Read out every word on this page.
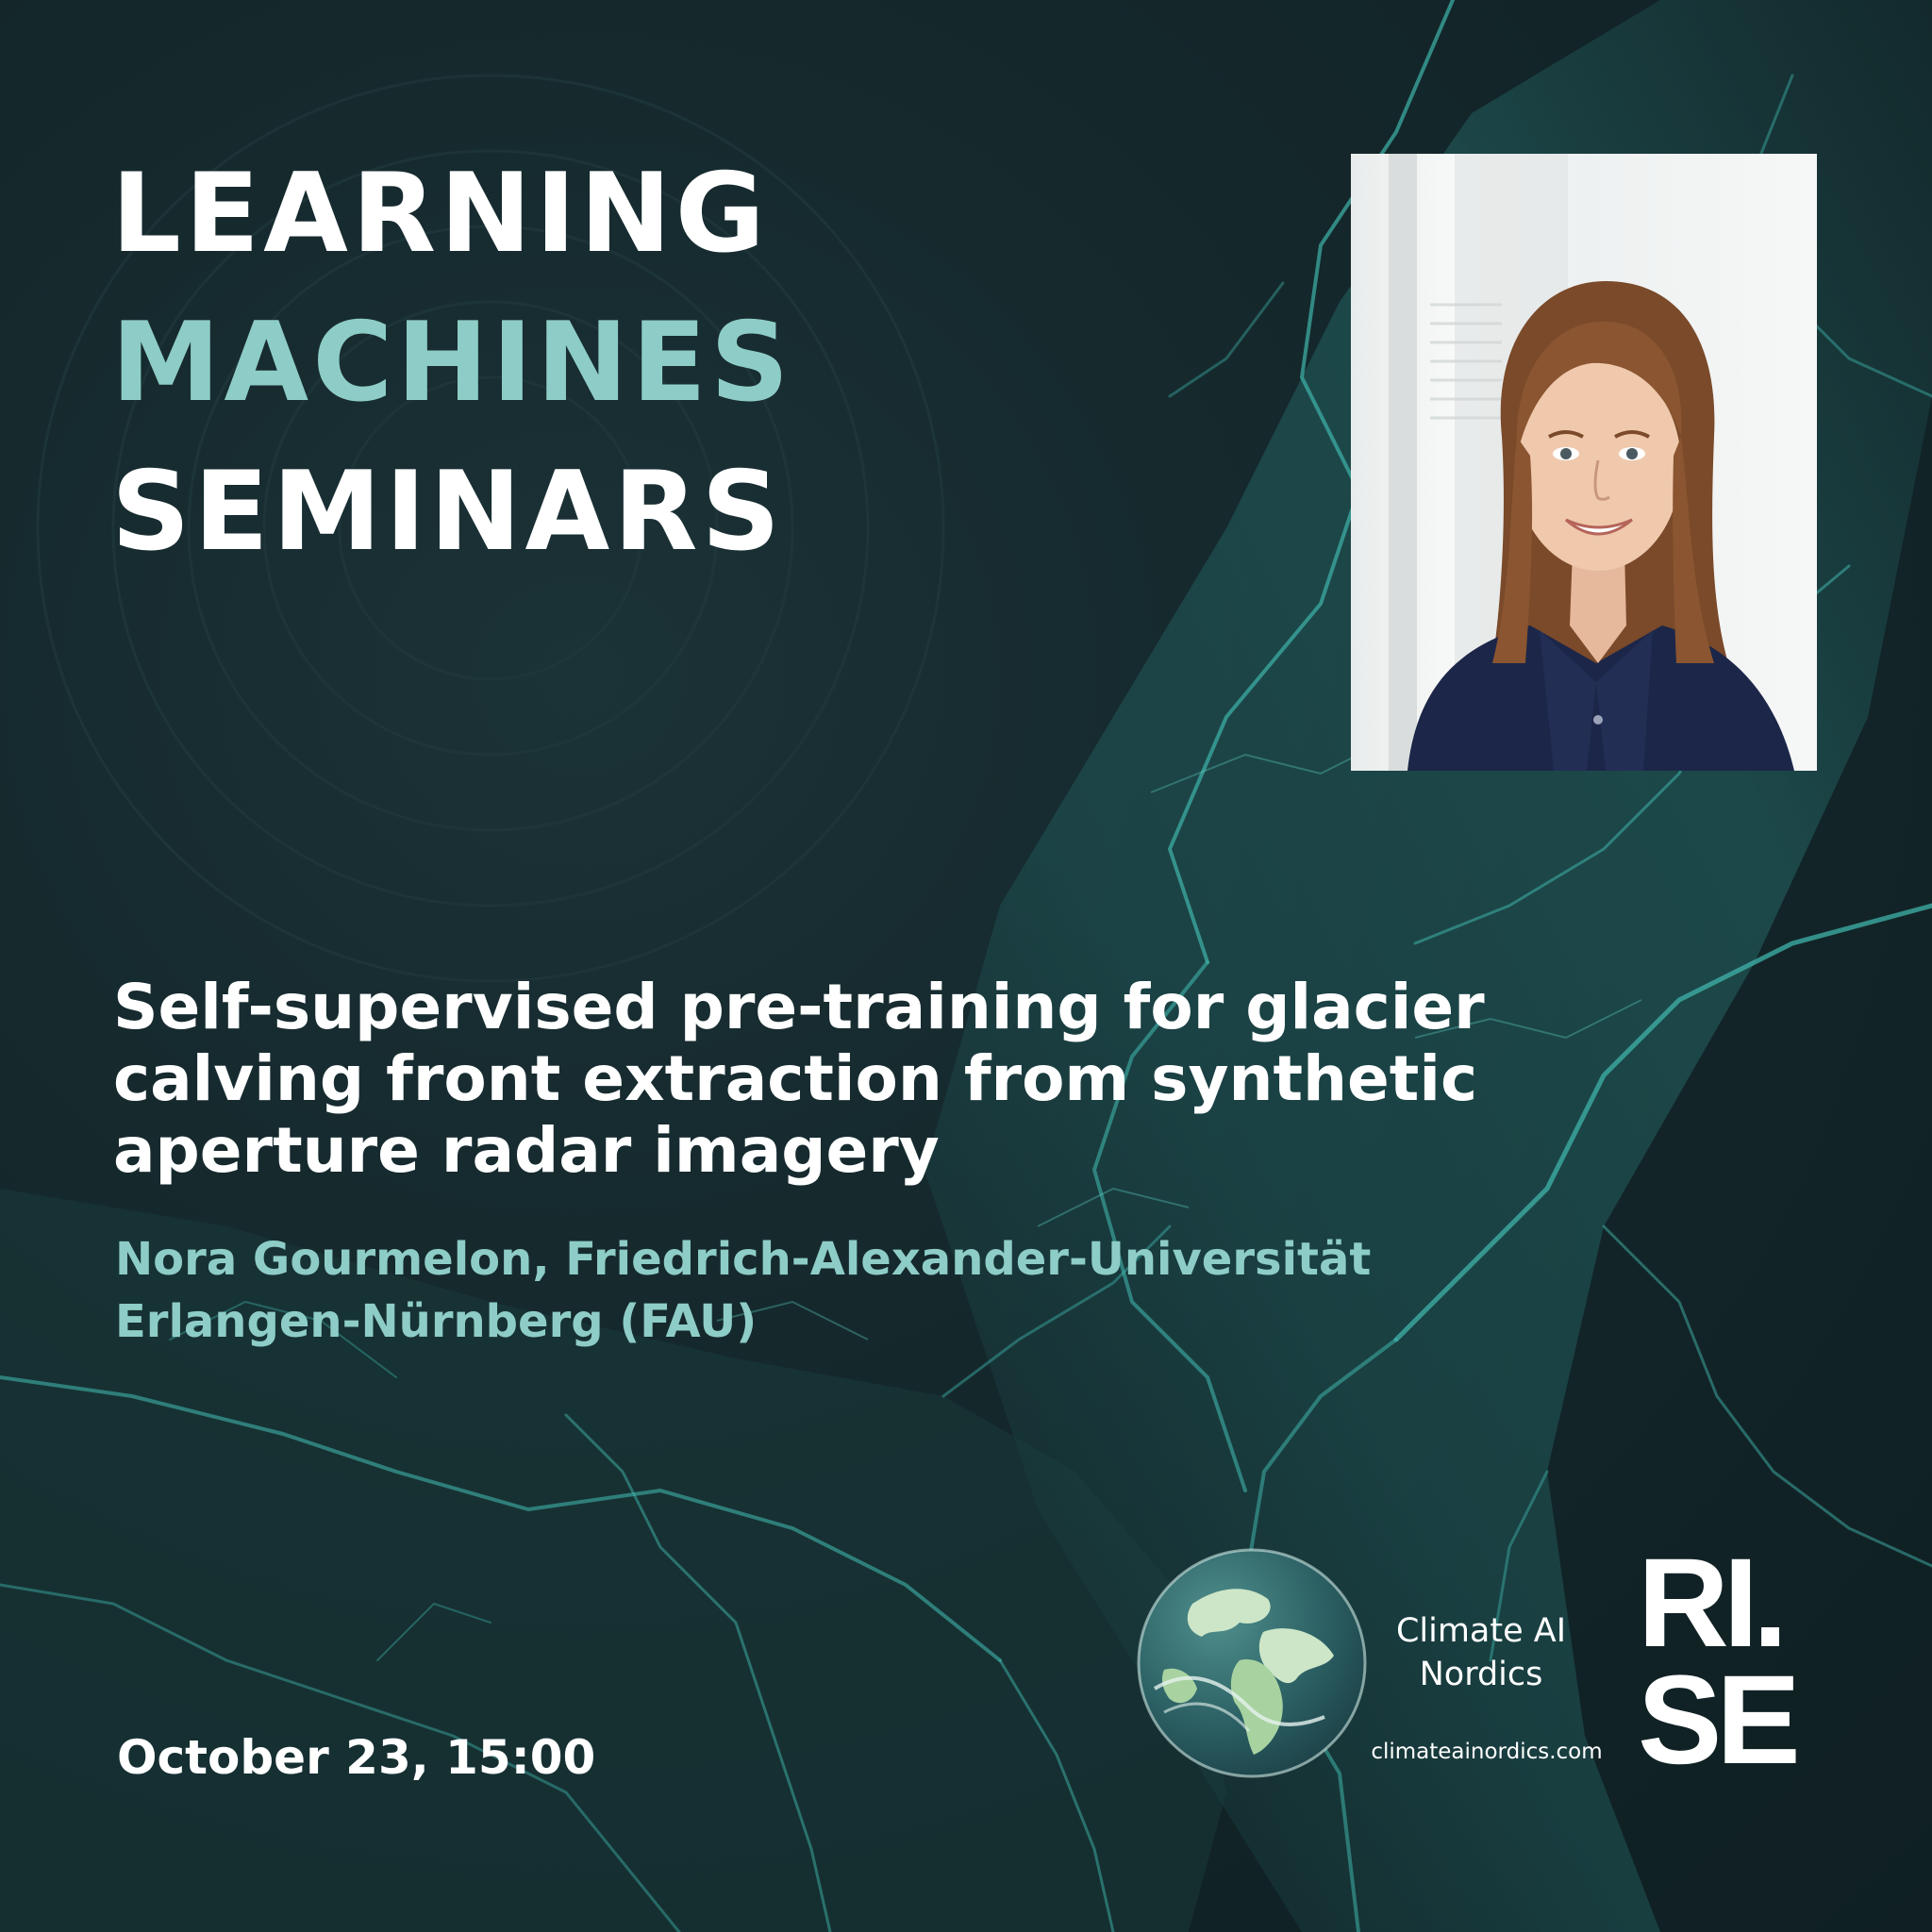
LEARNING
MACHINES
SEMINARS

Self-supervised pre-training for glacier calving front extraction from synthetic aperture radar imagery

Nora Gourmelon, Friedrich-Alexander-Universität Erlangen-Nürnberg (FAU)

October 23, 15:00

Climate AI
Nordics
climateainordics.com
RI.
SE
